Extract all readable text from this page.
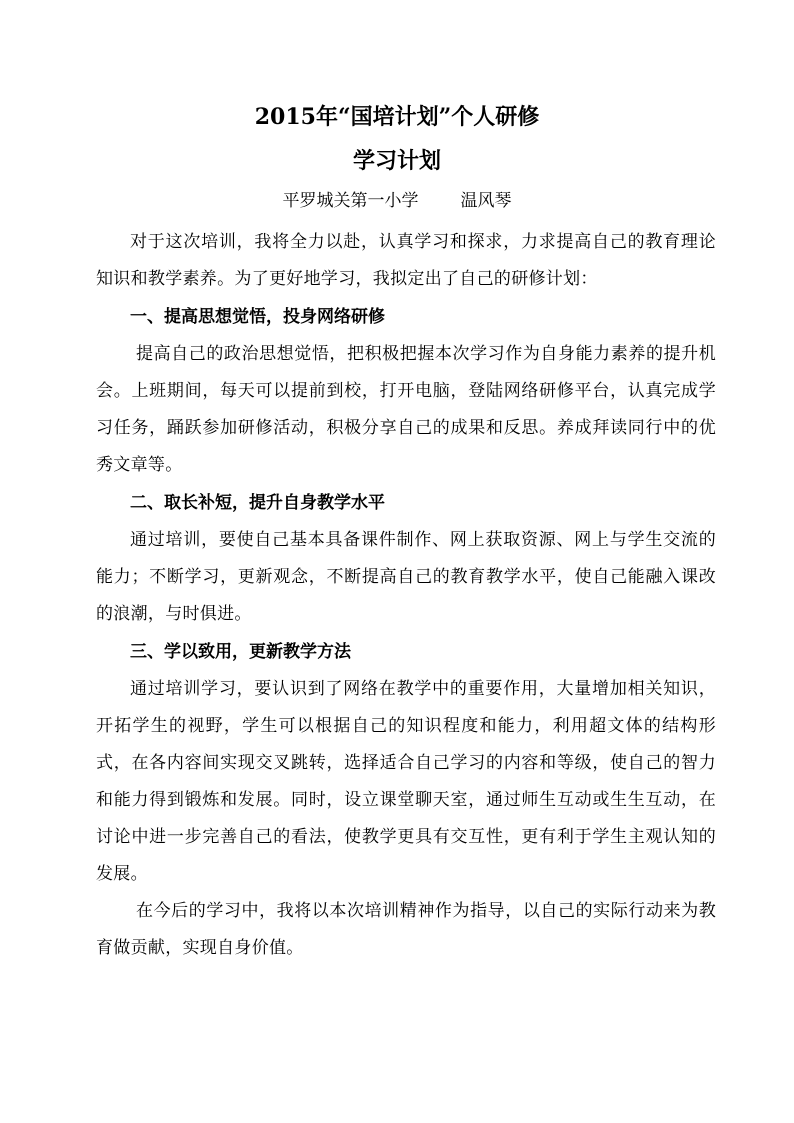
2015年“国培计划”个人研修
学习计划
平罗城关第一小学 温风琴

对于这次培训，我将全力以赴，认真学习和探求，力求提高自己的教育理论知识和教学素养。为了更好地学习，我拟定出了自己的研修计划：

一、提高思想觉悟，投身网络研修

提高自己的政治思想觉悟，把积极把握本次学习作为自身能力素养的提升机会。上班期间，每天可以提前到校，打开电脑，登陆网络研修平台，认真完成学习任务，踊跃参加研修活动，积极分享自己的成果和反思。养成拜读同行中的优秀文章等。

二、取长补短，提升自身教学水平

通过培训，要使自己基本具备课件制作、网上获取资源、网上与学生交流的能力；不断学习，更新观念，不断提高自己的教育教学水平，使自己能融入课改的浪潮，与时俱进。

三、学以致用，更新教学方法

通过培训学习，要认识到了网络在教学中的重要作用，大量增加相关知识，开拓学生的视野，学生可以根据自己的知识程度和能力，利用超文体的结构形式，在各内容间实现交叉跳转，选择适合自己学习的内容和等级，使自己的智力和能力得到锻炼和发展。同时，设立课堂聊天室，通过师生互动或生生互动，在讨论中进一步完善自己的看法，使教学更具有交互性，更有利于学生主观认知的发展。

在今后的学习中，我将以本次培训精神作为指导，以自己的实际行动来为教育做贡献，实现自身价值。
